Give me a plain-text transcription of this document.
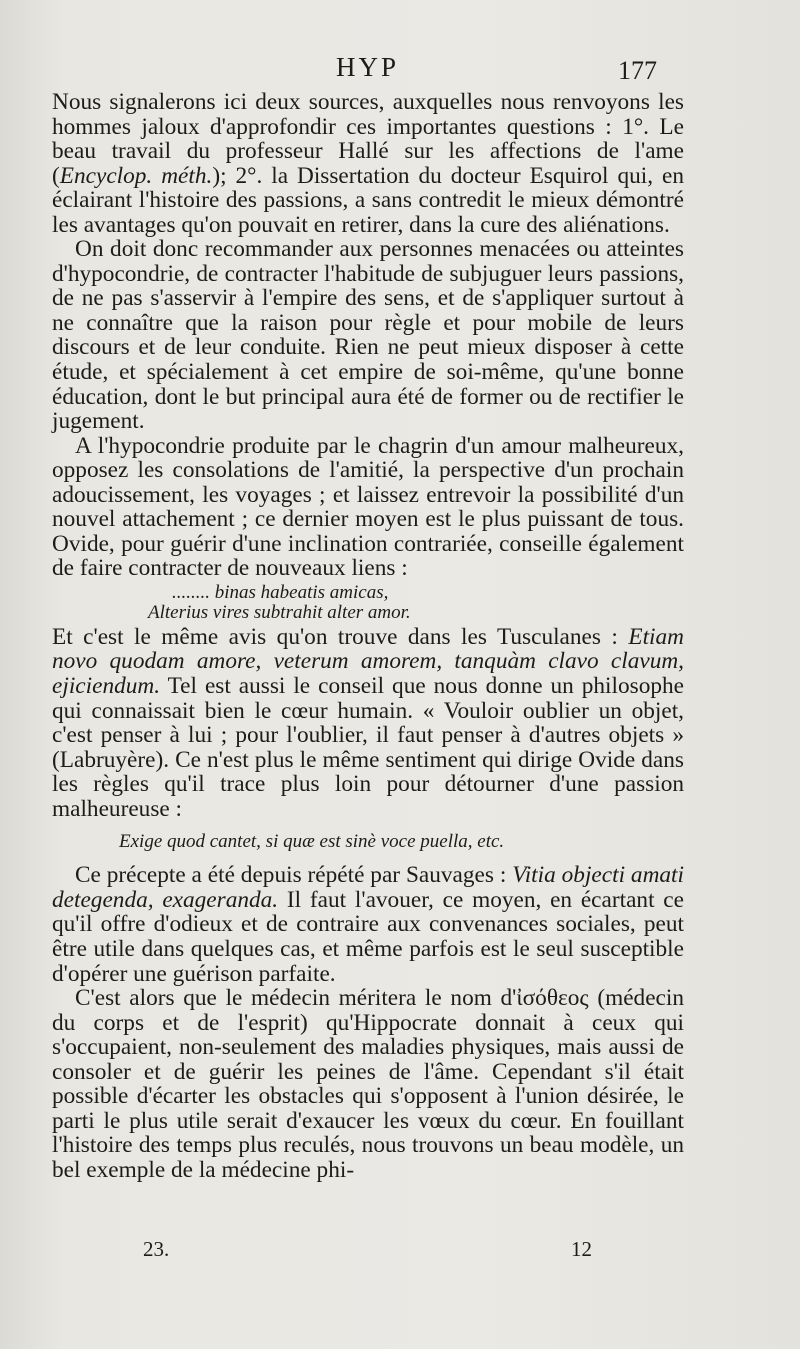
HYP	177

Nous signalerons ici deux sources, auxquelles nous renvoyons les hommes jaloux d'approfondir ces importantes questions : 1°. Le beau travail du professeur Hallé sur les affections de l'ame (Encyclop. méth.); 2°. la Dissertation du docteur Esquirol qui, en éclairant l'histoire des passions, a sans contredit le mieux démontré les avantages qu'on pouvait en retirer, dans la cure des aliénations.

On doit donc recommander aux personnes menacées ou atteintes d'hypocondrie, de contracter l'habitude de subjuguer leurs passions, de ne pas s'asservir à l'empire des sens, et de s'appliquer surtout à ne connaître que la raison pour règle et pour mobile de leurs discours et de leur conduite. Rien ne peut mieux disposer à cette étude, et spécialement à cet empire de soi-même, qu'une bonne éducation, dont le but principal aura été de former ou de rectifier le jugement.

A l'hypocondrie produite par le chagrin d'un amour malheureux, opposez les consolations de l'amitié, la perspective d'un prochain adoucissement, les voyages ; et laissez entrevoir la possibilité d'un nouvel attachement ; ce dernier moyen est le plus puissant de tous. Ovide, pour guérir d'une inclination contrariée, conseille également de faire contracter de nouveaux liens :

........ binas habeatis amicas,
Alterius vires subtrahit alter amor.

Et c'est le même avis qu'on trouve dans les Tusculanes : Etiam novo quodam amore, veterum amorem, tanquàm clavo clavum, ejiciendum. Tel est aussi le conseil que nous donne un philosophe qui connaissait bien le cœur humain. « Vouloir oublier un objet, c'est penser à lui ; pour l'oublier, il faut penser à d'autres objets » (Labruyère). Ce n'est plus le même sentiment qui dirige Ovide dans les règles qu'il trace plus loin pour détourner d'une passion malheureuse :

Exige quod cantet, si quæ est sinè voce puella, etc.

Ce précepte a été depuis répété par Sauvages : Vitia objecti amati detegenda, exagerandа. Il faut l'avouer, ce moyen, en écartant ce qu'il offre d'odieux et de contraire aux convenances sociales, peut être utile dans quelques cas, et même parfois est le seul susceptible d'opérer une guérison parfaite.

C'est alors que le médecin méritera le nom d'ἰσόθεος (médecin du corps et de l'esprit) qu'Hippocrate donnait à ceux qui s'occupaient, non-seulement des maladies physiques, mais aussi de consoler et de guérir les peines de l'âme. Cependant s'il était possible d'écarter les obstacles qui s'opposent à l'union désirée, le parti le plus utile serait d'exaucer les vœux du cœur. En fouillant l'histoire des temps plus reculés, nous trouvons un beau modèle, un bel exemple de la médecine phi-

23.	12
